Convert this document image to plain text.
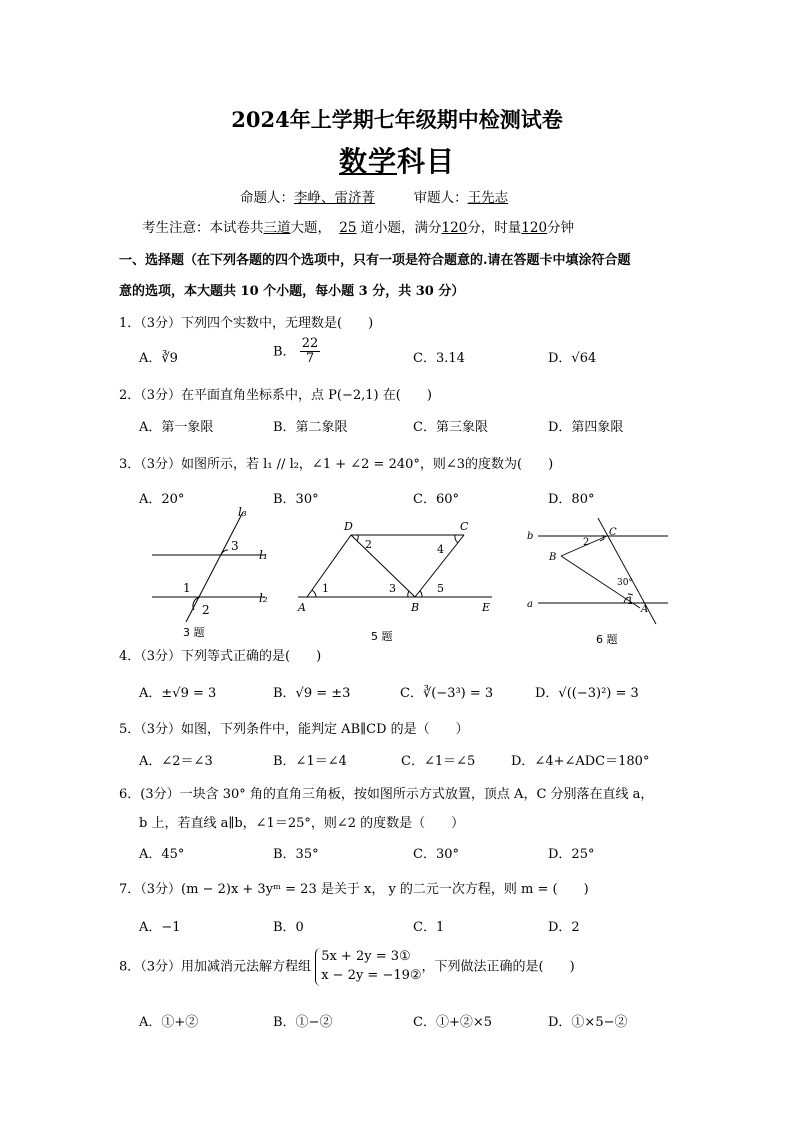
2024年上学期七年级期中检测试卷
数学科目
命题人：李峥、雷济菁	审题人：王先志
考生注意：本试卷共三道大题， 25 道小题，满分120分，时量120分钟
一、选择题（在下列各题的四个选项中，只有一项是符合题意的.请在答题卡中填涂符合题
意的选项，本大题共 10 个小题，每小题 3 分，共 30 分）
1．（3分）下列四个实数中，无理数是(　　)
A．∛9	B． $\frac{22}{7}$	C．3.14	D．√64
2．（3分）在平面直角坐标系中，点 P(−2,1) 在(　　)
A．第一象限	B．第二象限	C．第三象限	D．第四象限
3．（3分）如图所示，若 l₁ // l₂，∠1 + ∠2 = 240°，则∠3的度数为(　　)
A．20°	B．30°	C．60°	D．80°
l₃
l₁
l₂
3
1
2
3 题
D	C
A	B	E
1
2
3
4
5
5 题
b
a
C
B
A
2
1
30°
6 题
4．（3分）下列等式正确的是(　　)
A．±√9 = 3	B．√9 = ±3	C．∛(−3³) = 3	D．√((−3)²) = 3
5．（3分）如图，下列条件中，能判定 AB∥CD 的是（　　）
A．∠2＝∠3	B．∠1＝∠4	C．∠1＝∠5	D．∠4+∠ADC＝180°
6．(3分）一块含 30° 角的直角三角板，按如图所示方式放置，顶点 A，C 分别落在直线 a，
b 上，若直线 a∥b，∠1＝25°，则∠2 的度数是（　　）
A．45°	B．35°	C．30°	D．25°
7．（3分）(m − 2)x + 3yᵐ = 23 是关于 x， y 的二元一次方程，则 m = (　　)
A．−1	B．0	C．1	D．2
8．（3分）用加减消元法解方程组
5x + 2y = 3①
x − 2y = −19②
，下列做法正确的是(　　)
A．①+②	B．①−②	C．①+②×5	D．①×5−②
